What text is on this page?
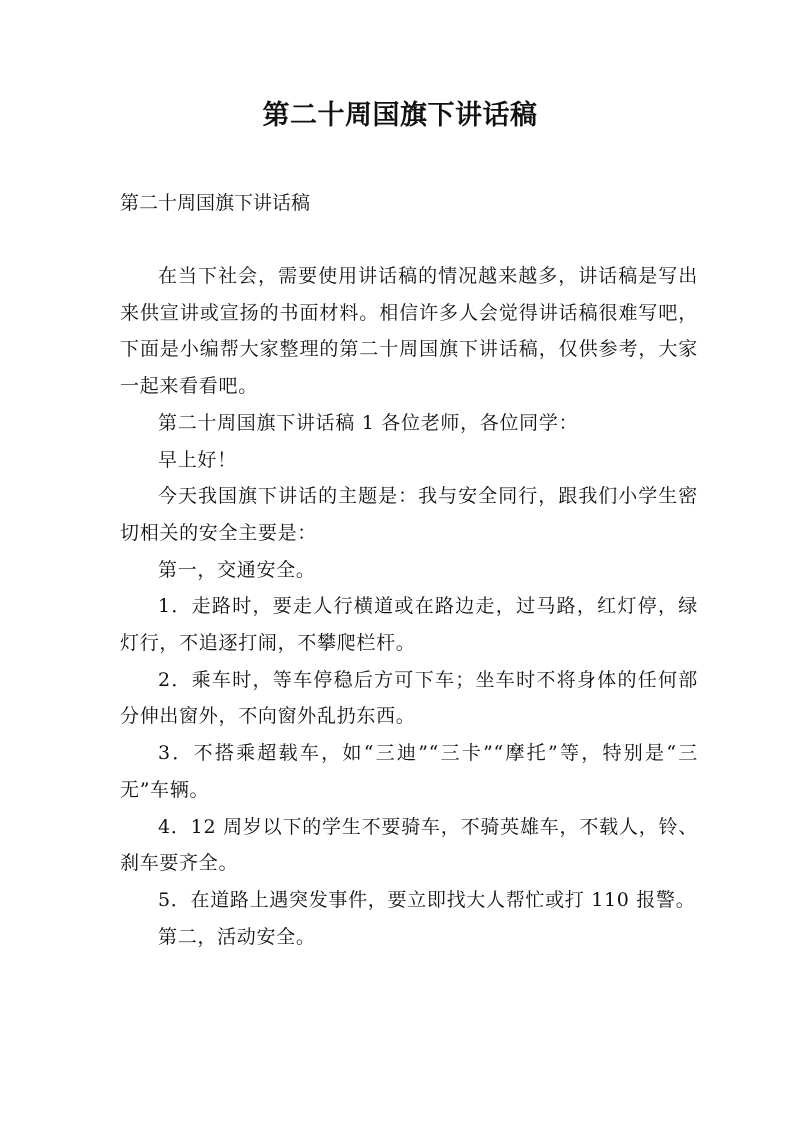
第二十周国旗下讲话稿
第二十周国旗下讲话稿

在当下社会，需要使用讲话稿的情况越来越多，讲话稿是写出来供宣讲或宣扬的书面材料。相信许多人会觉得讲话稿很难写吧，下面是小编帮大家整理的第二十周国旗下讲话稿，仅供参考，大家一起来看看吧。

第二十周国旗下讲话稿 1 各位老师，各位同学：

早上好！

今天我国旗下讲话的主题是：我与安全同行，跟我们小学生密切相关的安全主要是：

第一，交通安全。

1．走路时，要走人行横道或在路边走，过马路，红灯停，绿灯行，不追逐打闹，不攀爬栏杆。

2．乘车时，等车停稳后方可下车；坐车时不将身体的任何部分伸出窗外，不向窗外乱扔东西。

3．不搭乘超载车，如“三迪”“三卡”“摩托”等，特别是“三无”车辆。

4．12 周岁以下的学生不要骑车，不骑英雄车，不载人，铃、刹车要齐全。

5．在道路上遇突发事件，要立即找大人帮忙或打 110 报警。

第二，活动安全。
